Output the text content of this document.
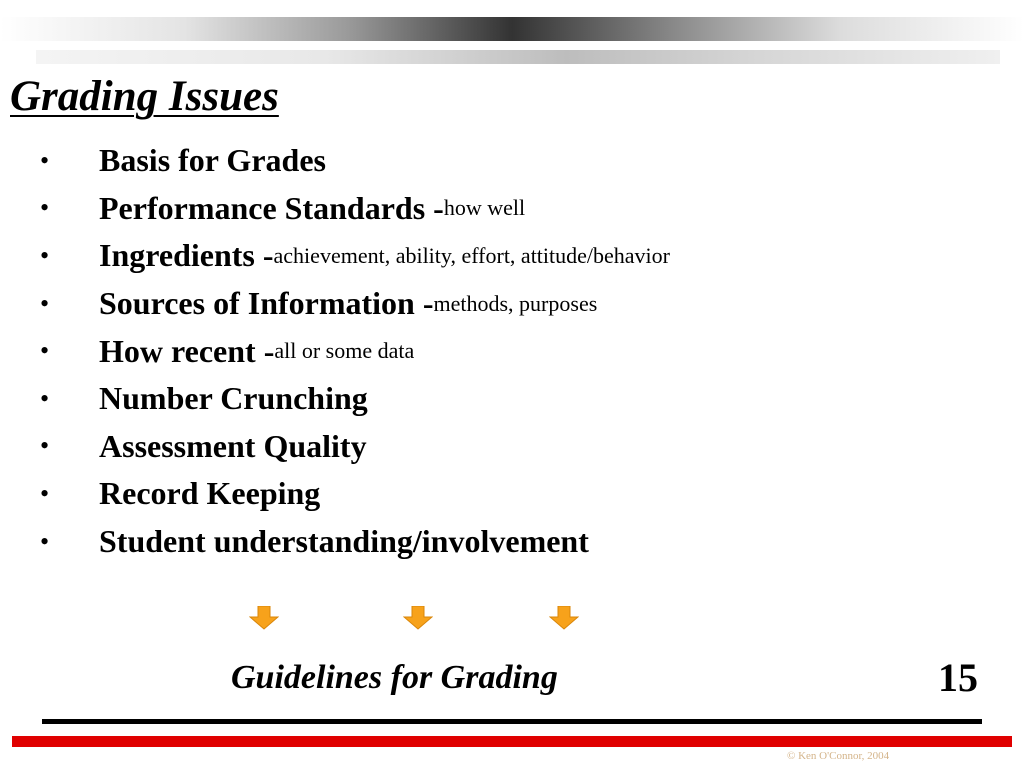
Grading Issues
•	Basis for Grades
•	Performance Standards - how well
•	Ingredients - achievement, ability, effort, attitude/behavior
•	Sources of Information - methods, purposes
•	How recent - all or some data
•	Number Crunching
•	Assessment Quality
•	Record Keeping
•	Student understanding/involvement
Guidelines for Grading	15
© Ken O'Connor, 2004
